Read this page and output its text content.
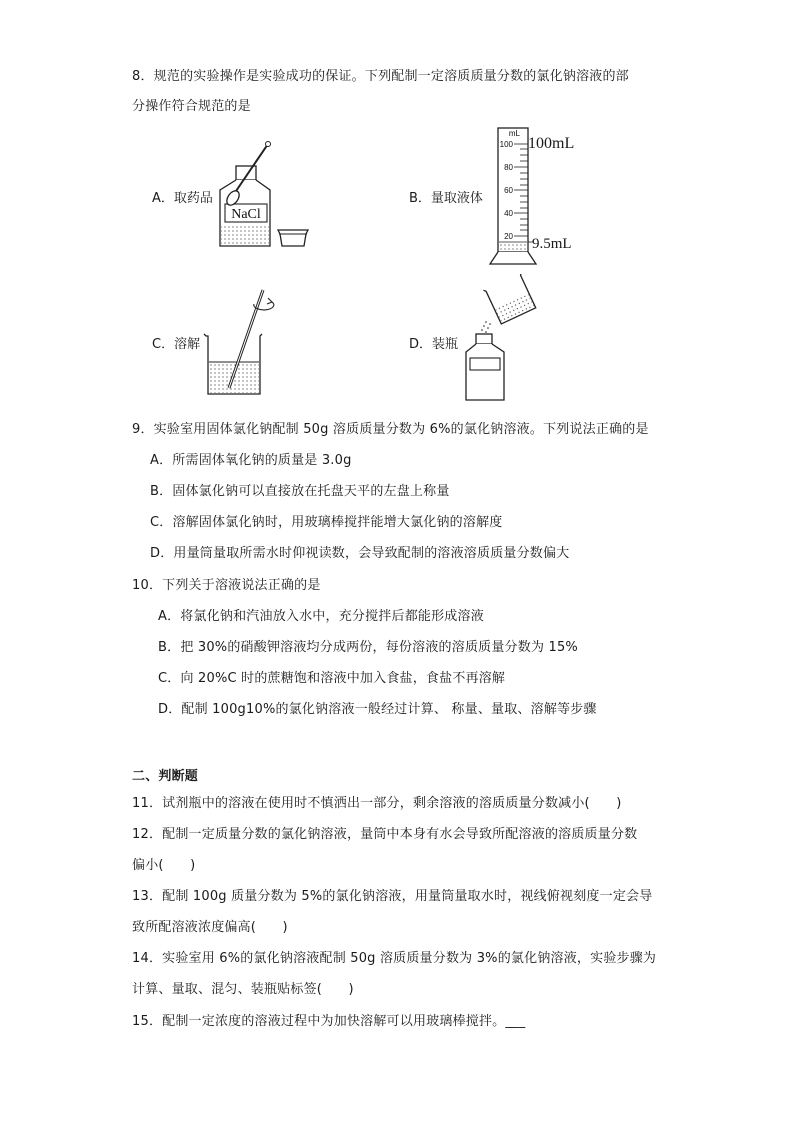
8．规范的实验操作是实验成功的保证。下列配制一定溶质质量分数的氯化钠溶液的部
分操作符合规范的是
A．取药品
NaCl
B．量取液体
mL
100
80
60
40
20
100mL
9.5mL
C．溶解	D．装瓶
9．实验室用固体氯化钠配制 50g 溶质质量分数为 6%的氯化钠溶液。下列说法正确的是
A．所需固体氧化钠的质量是 3.0g
B．固体氯化钠可以直接放在托盘天平的左盘上称量
C．溶解固体氯化钠时，用玻璃棒搅拌能增大氯化钠的溶解度
D．用量筒量取所需水时仰视读数，会导致配制的溶液溶质质量分数偏大
10．下列关于溶液说法正确的是
A．将氯化钠和汽油放入水中，充分搅拌后都能形成溶液
B．把 30%的硝酸钾溶液均分成两份，每份溶液的溶质质量分数为 15%
C．向 20%C 时的蔗糖饱和溶液中加入食盐，食盐不再溶解
D．配制 100g10%的氯化钠溶液一般经过计算、 称量、量取、溶解等步骤
二、判断题
11．试剂瓶中的溶液在使用时不慎洒出一部分，剩余溶液的溶质质量分数减小(　　)
12．配制一定质量分数的氯化钠溶液，量筒中本身有水会导致所配溶液的溶质质量分数
偏小(　　)
13．配制 100g 质量分数为 5%的氯化钠溶液，用量筒量取水时，视线俯视刻度一定会导
致所配溶液浓度偏高(　　)
14．实验室用 6%的氯化钠溶液配制 50g 溶质质量分数为 3%的氯化钠溶液，实验步骤为
计算、量取、混匀、装瓶贴标签(　　)
15．配制一定浓度的溶液过程中为加快溶解可以用玻璃棒搅拌。___
